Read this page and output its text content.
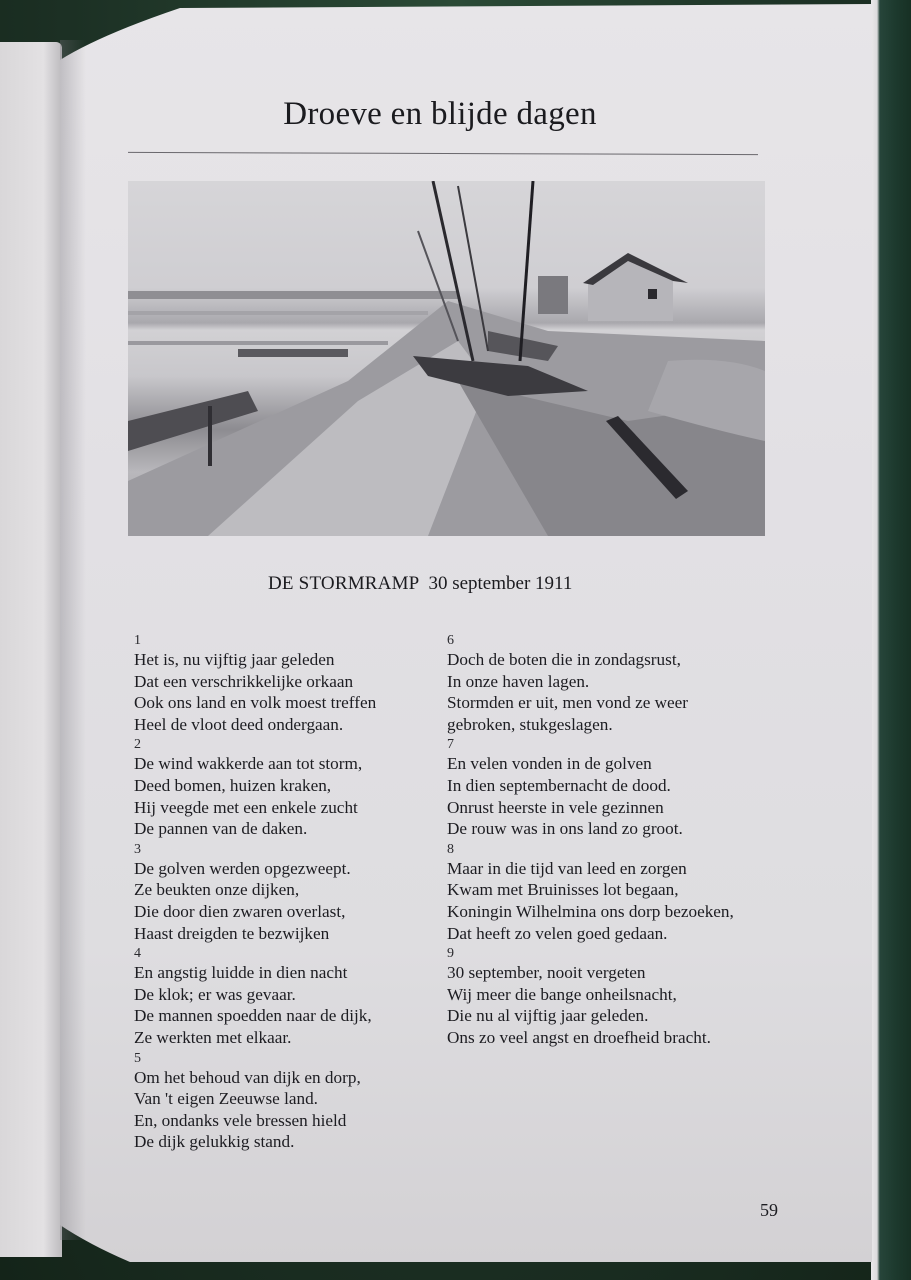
Droeve en blijde dagen
DE STORMRAMP 30 september 1911
1
Het is, nu vijftig jaar geleden
Dat een verschrikkelijke orkaan
Ook ons land en volk moest treffen
Heel de vloot deed ondergaan.
2
De wind wakkerde aan tot storm,
Deed bomen, huizen kraken,
Hij veegde met een enkele zucht
De pannen van de daken.
3
De golven werden opgezweept.
Ze beukten onze dijken,
Die door dien zwaren overlast,
Haast dreigden te bezwijken
4
En angstig luidde in dien nacht
De klok; er was gevaar.
De mannen spoedden naar de dijk,
Ze werkten met elkaar.
5
Om het behoud van dijk en dorp,
Van 't eigen Zeeuwse land.
En, ondanks vele bressen hield
De dijk gelukkig stand.
6
Doch de boten die in zondagsrust,
In onze haven lagen.
Stormden er uit, men vond ze weer
gebroken, stukgeslagen.
7
En velen vonden in de golven
In dien septembernacht de dood.
Onrust heerste in vele gezinnen
De rouw was in ons land zo groot.
8
Maar in die tijd van leed en zorgen
Kwam met Bruinisses lot begaan,
Koningin Wilhelmina ons dorp bezoeken,
Dat heeft zo velen goed gedaan.
9
30 september, nooit vergeten
Wij meer die bange onheilsnacht,
Die nu al vijftig jaar geleden.
Ons zo veel angst en droefheid bracht.
59
